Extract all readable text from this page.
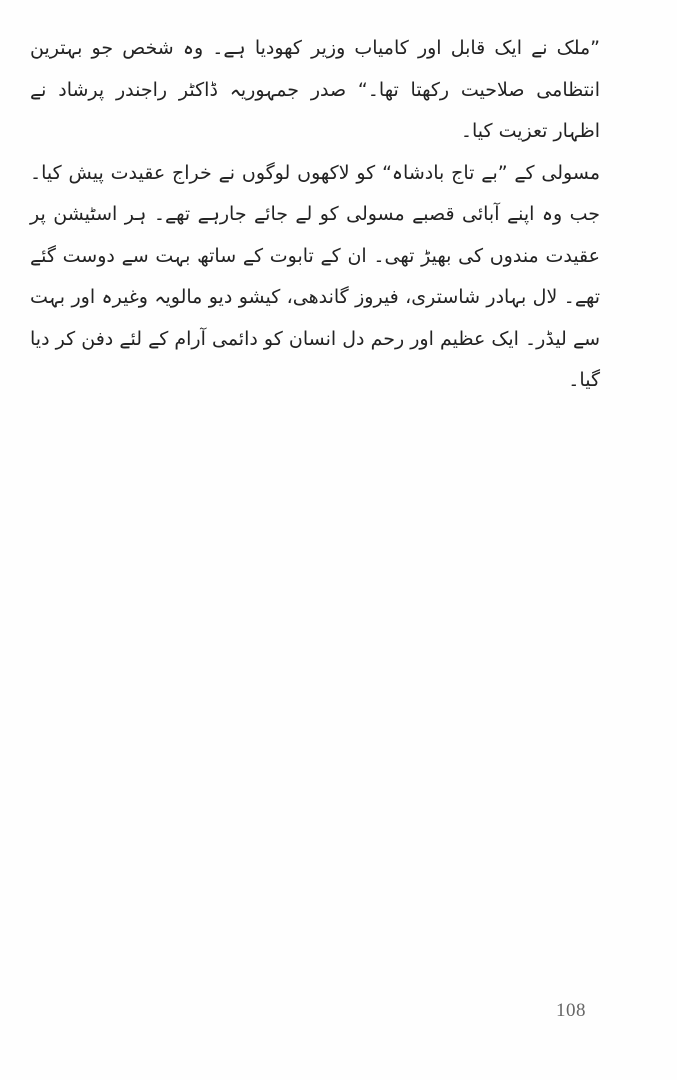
”ملک نے ایک قابل اور کامیاب وزیر کھودیا ہے۔ وہ شخص جو بہترین انتظامی صلاحیت رکھتا تھا۔“ صدر جمہوریہ ڈاکٹر راجندر پرشاد نے اظہار تعزیت کیا۔

مسولی کے ”بے تاج بادشاہ“ کو لاکھوں لوگوں نے خراج عقیدت پیش کیا۔ جب وہ اپنے آبائی قصبے مسولی کو لے جائے جارہے تھے۔ ہر اسٹیشن پر عقیدت مندوں کی بھیڑ تھی۔ ان کے تابوت کے ساتھ بہت سے دوست گئے تھے۔ لال بہادر شاستری، فیروز گاندھی، کیشو دیو مالویہ وغیرہ اور بہت سے لیڈر۔ ایک عظیم اور رحم دل انسان کو دائمی آرام کے لئے دفن کر دیا گیا۔

108
